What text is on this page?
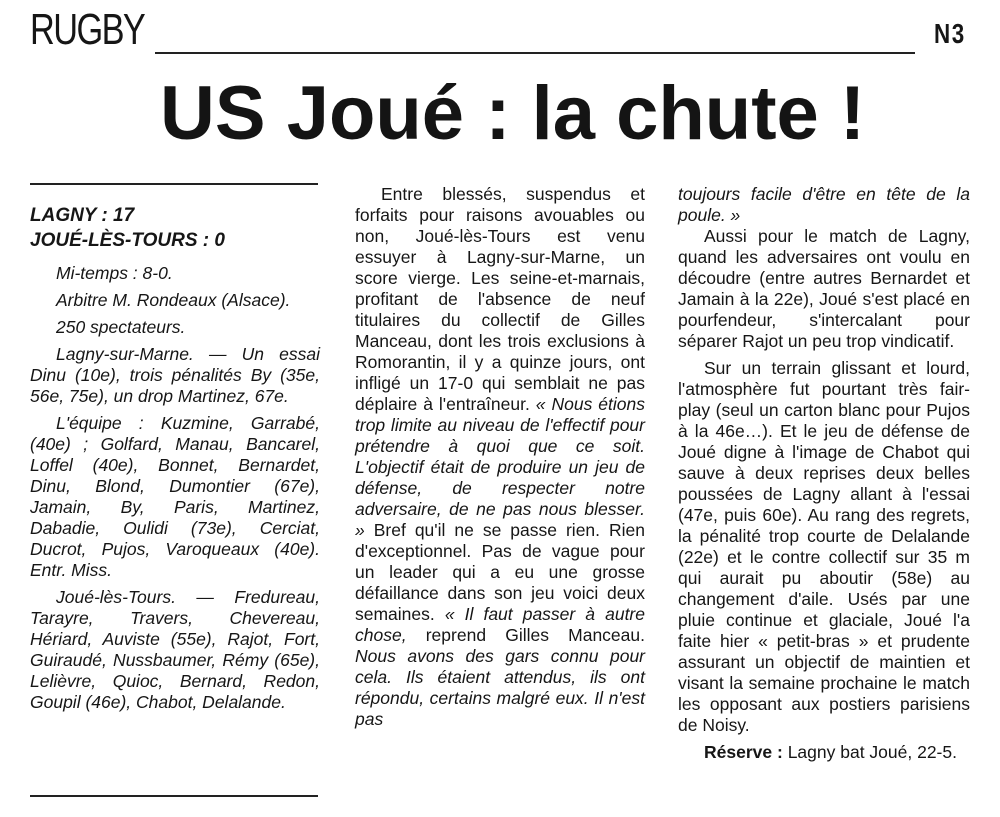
RUGBY	N3
US Joué : la chute !
LAGNY : 17
JOUÉ-LÈS-TOURS : 0

Mi-temps : 8-0.

Arbitre M. Rondeaux (Alsace).

250 spectateurs.

Lagny-sur-Marne. — Un essai Dinu (10e), trois pénalités By (35e, 56e, 75e), un drop Martinez, 67e.

L'équipe : Kuzmine, Garrabé, (40e) ; Golfard, Manau, Bancarel, Loffel (40e), Bonnet, Bernardet, Dinu, Blond, Dumontier (67e), Jamain, By, Paris, Martinez, Dabadie, Oulidi (73e), Cerciat, Ducrot, Pujos, Varoqueaux (40e). Entr. Miss.

Joué-lès-Tours. — Fredureau, Tarayre, Travers, Chevereau, Hériard, Auviste (55e), Rajot, Fort, Guiraudé, Nussbaumer, Rémy (65e), Lelièvre, Quioc, Bernard, Redon, Goupil (46e), Chabot, Delalande.

Entre blessés, suspendus et forfaits pour raisons avouables ou non, Joué-lès-Tours est venu essuyer à Lagny-sur-Marne, un score vierge. Les seine-et-marnais, profitant de l'absence de neuf titulaires du collectif de Gilles Manceau, dont les trois exclusions à Romorantin, il y a quinze jours, ont infligé un 17-0 qui semblait ne pas déplaire à l'entraîneur. « Nous étions trop limite au niveau de l'effectif pour prétendre à quoi que ce soit. L'objectif était de produire un jeu de défense, de respecter notre adversaire, de ne pas nous blesser. » Bref qu'il ne se passe rien. Rien d'exceptionnel. Pas de vague pour un leader qui a eu une grosse défaillance dans son jeu voici deux semaines. « Il faut passer à autre chose, reprend Gilles Manceau. Nous avons des gars connu pour cela. Ils étaient attendus, ils ont répondu, certains malgré eux. Il n'est pas

toujours facile d'être en tête de la poule. »

Aussi pour le match de Lagny, quand les adversaires ont voulu en découdre (entre autres Bernardet et Jamain à la 22e), Joué s'est placé en pourfendeur, s'intercalant pour séparer Rajot un peu trop vindicatif.

Sur un terrain glissant et lourd, l'atmosphère fut pourtant très fair-play (seul un carton blanc pour Pujos à la 46e…). Et le jeu de défense de Joué digne à l'image de Chabot qui sauve à deux reprises deux belles poussées de Lagny allant à l'essai (47e, puis 60e). Au rang des regrets, la pénalité trop courte de Delalande (22e) et le contre collectif sur 35 m qui aurait pu aboutir (58e) au changement d'aile. Usés par une pluie continue et glaciale, Joué l'a faite hier « petit-bras » et prudente assurant un objectif de maintien et visant la semaine prochaine le match les opposant aux postiers parisiens de Noisy.

Réserve : Lagny bat Joué, 22-5.
